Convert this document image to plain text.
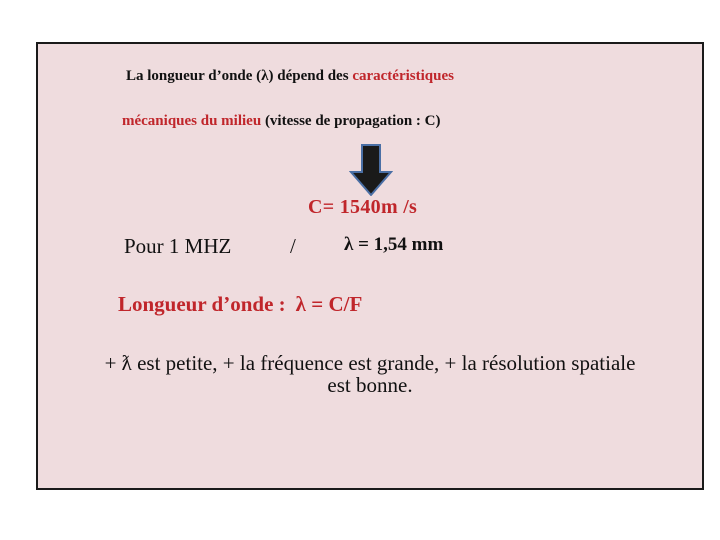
La longueur d’onde (λ) dépend des caractéristiques
mécaniques du milieu (vitesse de propagation : C)
C= 1540m /s
Pour 1 MHZ	/	λ = 1,54 mm
Longueur d’onde : λ = C/F
+ ƛ est petite, + la fréquence est grande, + la résolution spatiale
est bonne.
